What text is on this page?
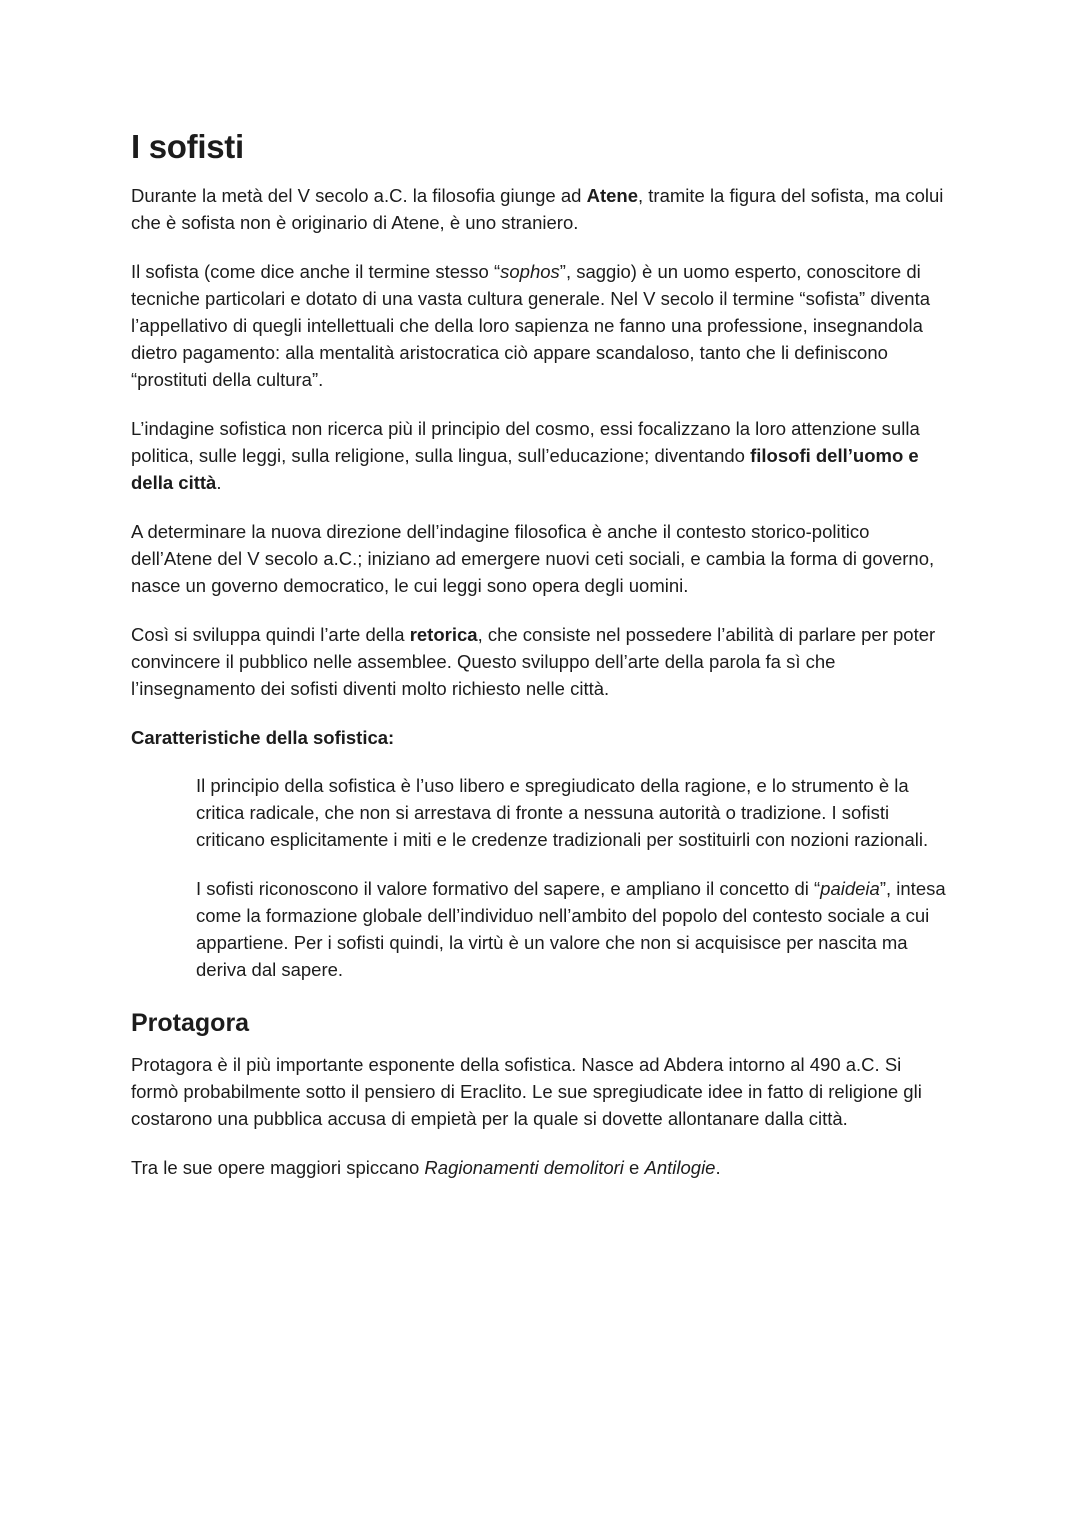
I sofisti

Durante la metà del V secolo a.C. la filosofia giunge ad Atene, tramite la figura del sofista, ma colui che è sofista non è originario di Atene, è uno straniero.

Il sofista (come dice anche il termine stesso “sophos”, saggio) è un uomo esperto, conoscitore di tecniche particolari e dotato di una vasta cultura generale. Nel V secolo il termine “sofista” diventa l’appellativo di quegli intellettuali che della loro sapienza ne fanno una professione, insegnandola dietro pagamento: alla mentalità aristocratica ciò appare scandaloso, tanto che li definiscono “prostituti della cultura”.

L’indagine sofistica non ricerca più il principio del cosmo, essi focalizzano la loro attenzione sulla politica, sulle leggi, sulla religione, sulla lingua, sull’educazione; diventando filosofi dell’uomo e della città.

A determinare la nuova direzione dell’indagine filosofica è anche il contesto storico-politico dell’Atene del V secolo a.C.; iniziano ad emergere nuovi ceti sociali, e cambia la forma di governo, nasce un governo democratico, le cui leggi sono opera degli uomini.

Così si sviluppa quindi l’arte della retorica, che consiste nel possedere l’abilità di parlare per poter convincere il pubblico nelle assemblee. Questo sviluppo dell’arte della parola fa sì che l’insegnamento dei sofisti diventi molto richiesto nelle città.

Caratteristiche della sofistica:

Il principio della sofistica è l’uso libero e spregiudicato della ragione, e lo strumento è la critica radicale, che non si arrestava di fronte a nessuna autorità o tradizione. I sofisti criticano esplicitamente i miti e le credenze tradizionali per sostituirli con nozioni razionali.

I sofisti riconoscono il valore formativo del sapere, e ampliano il concetto di “paideia”, intesa come la formazione globale dell’individuo nell’ambito del popolo del contesto sociale a cui appartiene. Per i sofisti quindi, la virtù è un valore che non si acquisisce per nascita ma deriva dal sapere.

Protagora

Protagora è il più importante esponente della sofistica. Nasce ad Abdera intorno al 490 a.C. Si formò probabilmente sotto il pensiero di Eraclito. Le sue spregiudicate idee in fatto di religione gli costarono una pubblica accusa di empietà per la quale si dovette allontanare dalla città.

Tra le sue opere maggiori spiccano Ragionamenti demolitori e Antilogie.
